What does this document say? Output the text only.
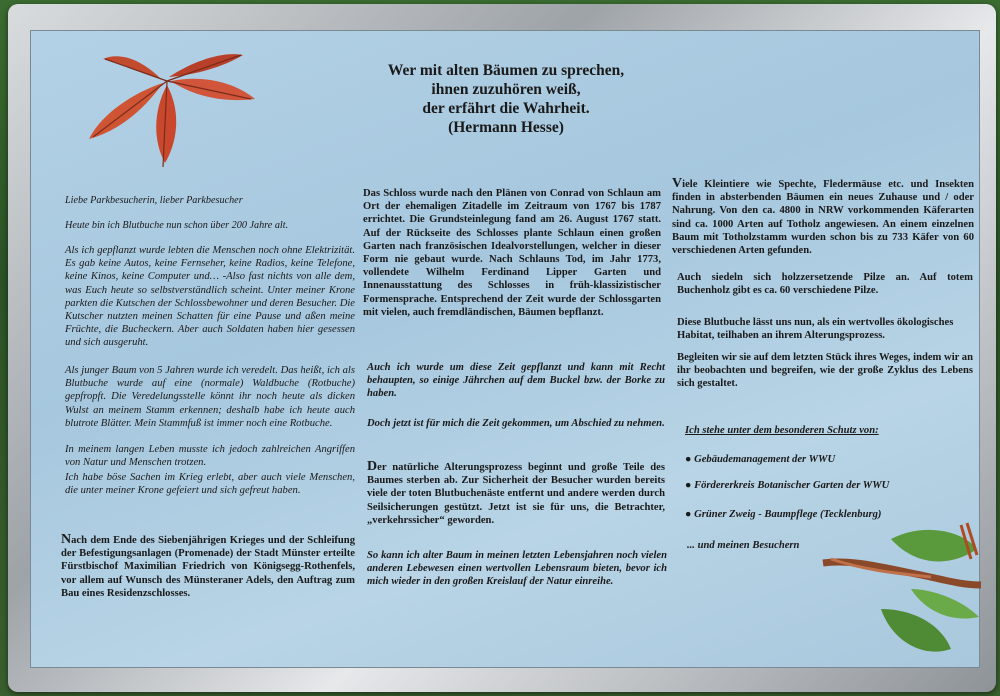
Wer mit alten Bäumen zu sprechen,
ihnen zuzuhören weiß,
der erfährt die Wahrheit.
(Hermann Hesse)
Liebe Parkbesucherin, lieber Parkbesucher
Heute bin ich Blutbuche nun schon über 200 Jahre alt.
Als ich gepflanzt wurde lebten die Menschen noch ohne Elektrizität. Es gab keine Autos, keine Fernseher, keine Radios, keine Telefone, keine Kinos, keine Computer und… -Also fast nichts von alle dem, was Euch heute so selbstverständlich scheint. Unter meiner Krone parkten die Kutschen der Schlossbewohner und deren Besucher. Die Kutscher nutzten meinen Schatten für eine Pause und aßen meine Früchte, die Bucheckern. Aber auch Soldaten haben hier gesessen und sich ausgeruht.
Als junger Baum von 5 Jahren wurde ich veredelt. Das heißt, ich als Blutbuche wurde auf eine (normale) Waldbuche (Rotbuche) gepfropft. Die Veredelungsstelle könnt ihr noch heute als dicken Wulst an meinem Stamm erkennen; deshalb habe ich heute auch blutrote Blätter. Mein Stammfuß ist immer noch eine Rotbuche.
In meinem langen Leben musste ich jedoch zahlreichen Angriffen von Natur und Menschen trotzen.
Ich habe böse Sachen im Krieg erlebt, aber auch viele Menschen, die unter meiner Krone gefeiert und sich gefreut haben.
Nach dem Ende des Siebenjährigen Krieges und der Schleifung der Befestigungsanlagen (Promenade) der Stadt Münster erteilte Fürstbischof Maximilian Friedrich von Königsegg-Rothenfels, vor allem auf Wunsch des Münsteraner Adels, den Auftrag zum Bau eines Residenzschlosses.
Das Schloss wurde nach den Plänen von Conrad von Schlaun am Ort der ehemaligen Zitadelle im Zeitraum von 1767 bis 1787 errichtet. Die Grundsteinlegung fand am 26. August 1767 statt. Auf der Rückseite des Schlosses plante Schlaun einen großen Garten nach französischen Idealvorstellungen, welcher in dieser Form nie gebaut wurde. Nach Schlauns Tod, im Jahr 1773, vollendete Wilhelm Ferdinand Lipper Garten und Innenausstattung des Schlosses in früh-klassizistischer Formensprache. Entsprechend der Zeit wurde der Schlossgarten mit vielen, auch fremdländischen, Bäumen bepflanzt.
Auch ich wurde um diese Zeit gepflanzt und kann mit Recht behaupten, so einige Jährchen auf dem Buckel bzw. der Borke zu haben.
Doch jetzt ist für mich die Zeit gekommen, um Abschied zu nehmen.
Der natürliche Alterungsprozess beginnt und große Teile des Baumes sterben ab. Zur Sicherheit der Besucher wurden bereits viele der toten Blutbuchenäste entfernt und andere werden durch Seilsicherungen gestützt. Jetzt ist sie für uns, die Betrachter, „verkehrssicher“ geworden.
So kann ich alter Baum in meinen letzten Lebensjahren noch vielen anderen Lebewesen einen wertvollen Lebensraum bieten, bevor ich mich wieder in den großen Kreislauf der Natur einreihe.
Viele Kleintiere wie Spechte, Fledermäuse etc. und Insekten finden in absterbenden Bäumen ein neues Zuhause und / oder Nahrung. Von den ca. 4800 in NRW vorkommenden Käferarten sind ca. 1000 Arten auf Totholz angewiesen. An einem einzelnen Baum mit Totholzstamm wurden schon bis zu 733 Käfer von 60 verschiedenen Arten gefunden.
Auch siedeln sich holzzersetzende Pilze an. Auf totem Buchenholz gibt es ca. 60 verschiedene Pilze.
Diese Blutbuche lässt uns nun, als ein wertvolles ökologisches Habitat, teilhaben an ihrem Alterungsprozess.
Begleiten wir sie auf dem letzten Stück ihres Weges, indem wir an ihr beobachten und begreifen, wie der große Zyklus des Lebens sich gestaltet.
Ich stehe unter dem besonderen Schutz von:
● Gebäudemanagement der WWU
● Fördererkreis Botanischer Garten der WWU
● Grüner Zweig - Baumpflege (Tecklenburg)
... und meinen Besuchern
